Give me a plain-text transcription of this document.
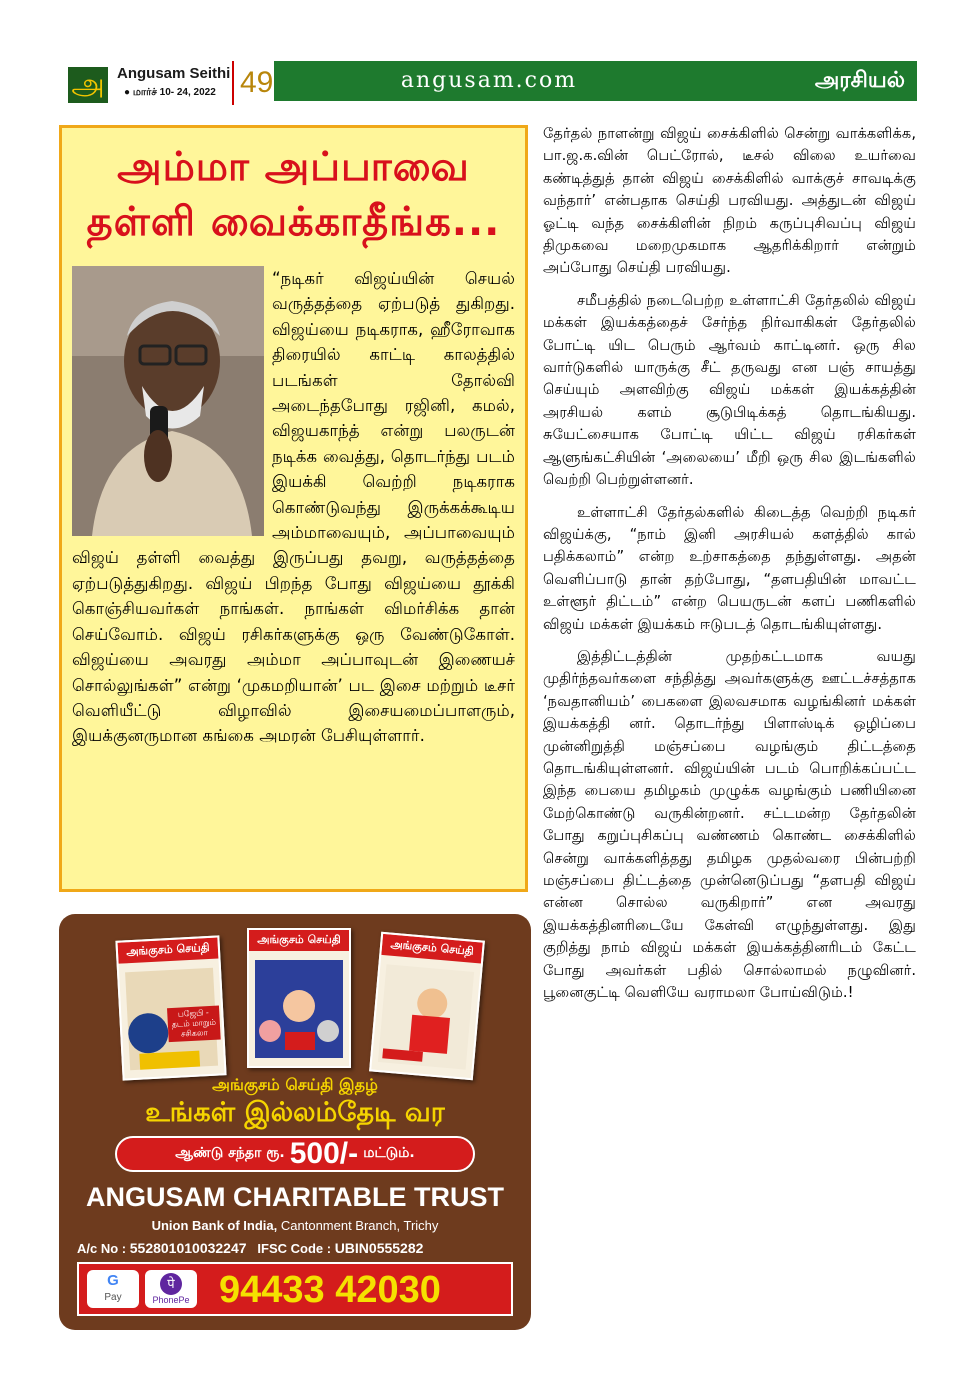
அ Angusam Seithi
● மார்ச் 10- 24, 2022 49	angusam.com	அரசியல்
அம்மா அப்பாவை
தள்ளி வைக்காதீங்க...
“நடிகர் விஜய்யின் செயல் வருத்தத்தை ஏற்படுத் துகிறது. விஜய்யை நடிகராக, ஹீரோவாக திரையில் காட்டி காலத்தில் படங்கள் தோல்வி அடைந்தபோது ரஜினி, கமல், விஜயகாந்த் என்று பலருடன் நடிக்க வைத்து, தொடர்ந்து படம் இயக்கி வெற்றி நடிகராக கொண்டுவந்து இருக்கக்கூடிய அம்மாவையும், அப்பாவையும் விஜய் தள்ளி வைத்து இருப்பது தவறு, வருத்தத்தை ஏற்படுத்துகிறது. விஜய் பிறந்த போது விஜய்யை தூக்கி கொஞ்சியவர்கள் நாங்கள். நாங்கள் விமர்சிக்க தான் செய்வோம். விஜய் ரசிகர்களுக்கு ஒரு வேண்டுகோள். விஜய்யை அவரது அம்மா அப்பாவுடன் இணையச் சொல்லுங்கள்” என்று ‘முகமறியான்’ பட இசை மற்றும் டீசர் வெளியீட்டு விழாவில் இசையமைப்பாளரும், இயக்குனருமான கங்கை அமரன் பேசியுள்ளார்.
அங்குசம் செய்தி
பஜேபி - தடம் மாறும் சசிகலா
அங்குசம் செய்தி	அங்குசம் செய்தி
அங்குசம் செய்தி இதழ்
உங்கள் இல்லம்தேடி வர
ஆண்டு சந்தா ரூ. 500/- மட்டும்.
ANGUSAM CHARITABLE TRUST
Union Bank of India, Cantonment Branch, Trichy
A/c No : 552801010032247 IFSC Code : UBIN0555282
G
Pay
पे
PhonePe 94433 42030

தேர்தல் நாளன்று விஜய் சைக்கிளில் சென்று வாக்களிக்க, பா.ஜ.க.வின் பெட்ரோல், டீசல் விலை உயர்வை கண்டித்துத் தான் விஜய் சைக்கிளில் வாக்குச் சாவடிக்கு வந்தார்’ என்பதாக செய்தி பரவியது. அத்துடன் விஜய் ஓட்டி வந்த சைக்கிளின் நிறம் கருப்புசிவப்பு விஜய் திமுகவை மறைமுகமாக ஆதரிக்கிறார் என்றும் அப்போது செய்தி பரவியது.

சமீபத்தில் நடைபெற்ற உள்ளாட்சி தேர்தலில் விஜய் மக்கள் இயக்கத்தைச் சேர்ந்த நிர்வாகிகள் தேர்தலில் போட்டி யிட பெரும் ஆர்வம் காட்டினர். ஒரு சில வார்டுகளில் யாருக்கு சீட் தருவது என பஞ் சாயத்து செய்யும் அளவிற்கு விஜய் மக்கள் இயக்கத்தின் அரசியல் களம் சூடுபிடிக்கத் தொடங்கியது. சுயேட்சையாக போட்டி யிட்ட விஜய் ரசிகர்கள் ஆளுங்கட்சியின் ‘அலையை’ மீறி ஒரு சில இடங்களில் வெற்றி பெற்றுள்ளனர்.

உள்ளாட்சி தேர்தல்களில் கிடைத்த வெற்றி நடிகர் விஜய்க்கு, “நாம் இனி அரசியல் களத்தில் கால் பதிக்கலாம்” என்ற உற்சாகத்தை தந்துள்ளது. அதன் வெளிப்பாடு தான் தற்போது, “தளபதியின் மாவட்ட உள்ளூர் திட்டம்” என்ற பெயருடன் களப் பணிகளில் விஜய் மக்கள் இயக்கம் ஈடுபடத் தொடங்கியுள்ளது.

இத்திட்டத்தின் முதற்கட்டமாக வயது முதிர்ந்தவர்களை சந்தித்து அவர்களுக்கு ஊட்டச்சத்தாக ‘நவதானியம்’ பைகளை இலவசமாக வழங்கினர் மக்கள் இயக்கத்தி னர். தொடர்ந்து பிளாஸ்டிக் ஒழிப்பை முன்னிறுத்தி மஞ்சப்பை வழங்கும் திட்டத்தை தொடங்கியுள்ளனர். விஜய்யின் படம் பொறிக்கப்பட்ட இந்த பையை தமிழகம் முழுக்க வழங்கும் பணியினை மேற்கொண்டு வருகின்றனர். சட்டமன்ற தேர்தலின் போது கறுப்புசிகப்பு வண்ணம் கொண்ட சைக்கிளில் சென்று வாக்களித்தது தமிழக முதல்வரை பின்பற்றி மஞ்சப்பை திட்டத்தை முன்னெடுப்பது “தளபதி விஜய் என்ன சொல்ல வருகிறார்” என அவரது இயக்கத்தினரிடையே கேள்வி எழுந்துள்ளது. இது குறித்து நாம் விஜய் மக்கள் இயக்கத்தினரிடம் கேட்ட போது அவர்கள் பதில் சொல்லாமல் நழுவினர். பூனைகுட்டி வெளியே வராமலா போய்விடும்.!
